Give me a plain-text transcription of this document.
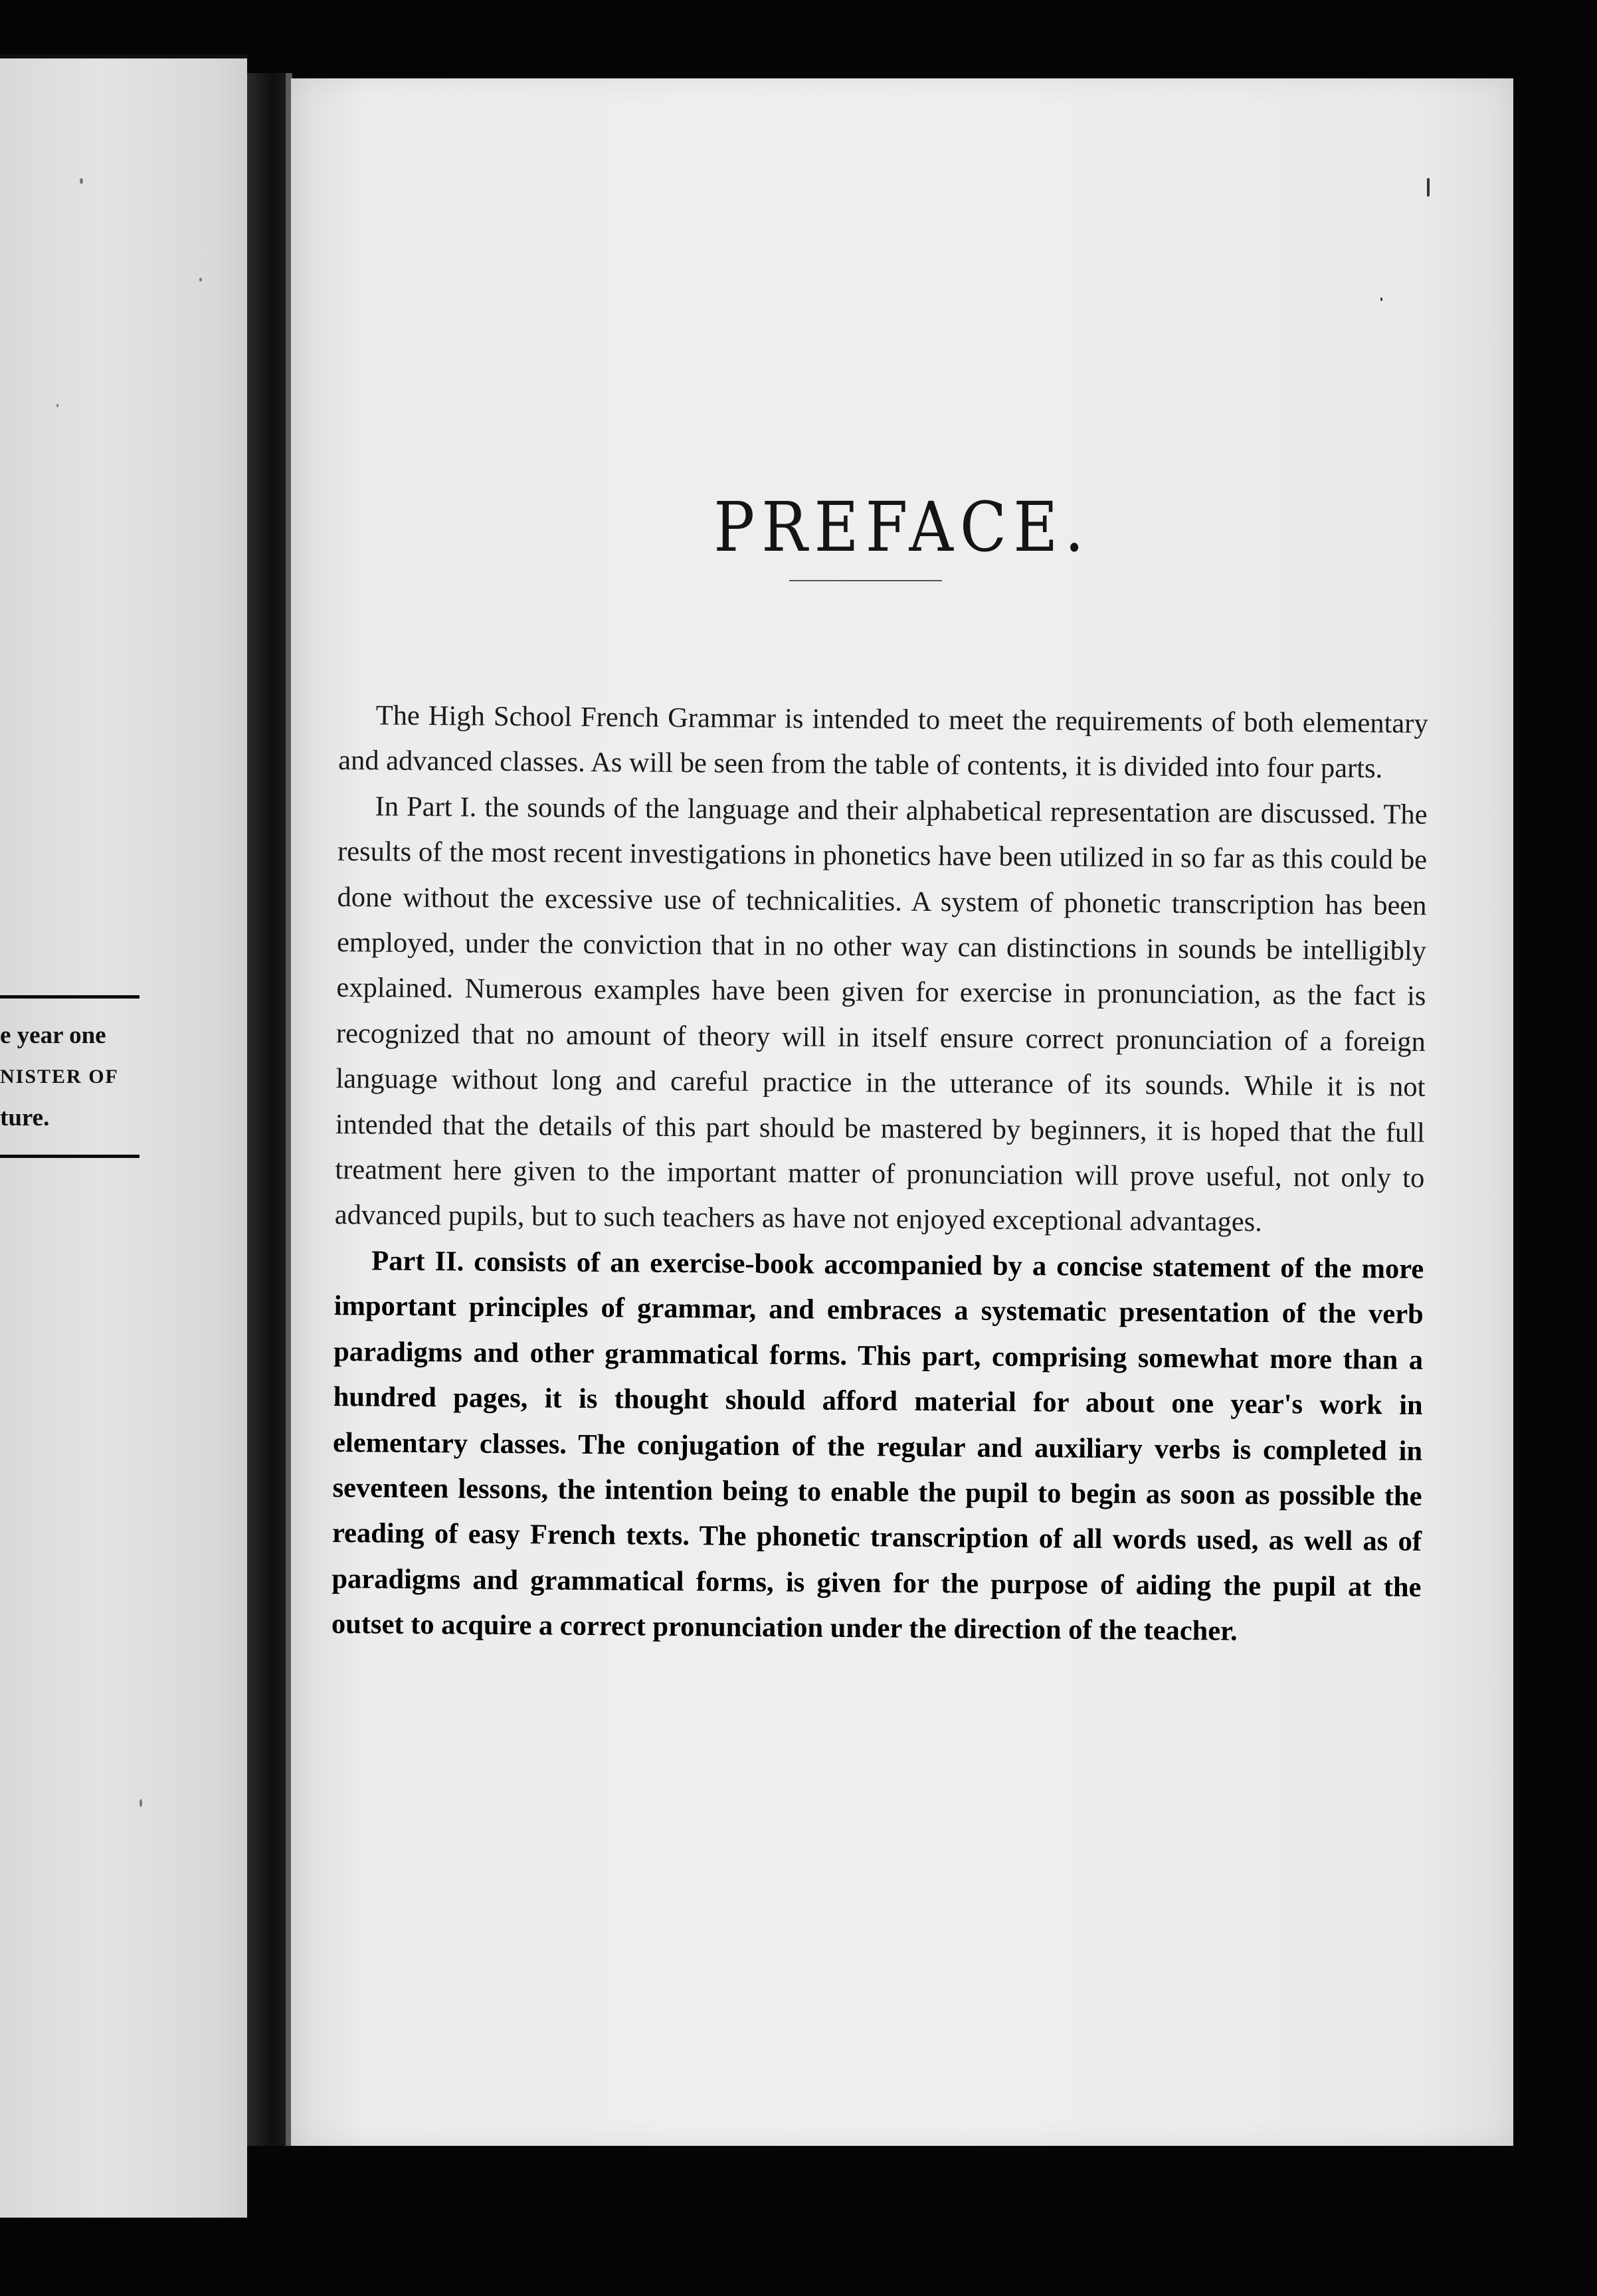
e year one
NISTER OF
ture.
PREFACE.

The High School French Grammar is intended to meet the requirements of both elementary and advanced classes. As will be seen from the table of contents, it is divided into four parts.

In Part I. the sounds of the language and their alphabetical representation are discussed. The results of the most recent investigations in phonetics have been utilized in so far as this could be done without the excessive use of technicalities. A system of phonetic transcription has been employed, under the conviction that in no other way can distinctions in sounds be intelligibly explained. Numerous examples have been given for exercise in pronunciation, as the fact is recognized that no amount of theory will in itself ensure correct pronunciation of a foreign language without long and careful practice in the utterance of its sounds. While it is not intended that the details of this part should be mastered by beginners, it is hoped that the full treatment here given to the important matter of pronunciation will prove useful, not only to advanced pupils, but to such teachers as have not enjoyed exceptional advantages.

Part II. consists of an exercise-book accompanied by a concise statement of the more important principles of grammar, and embraces a systematic presentation of the verb paradigms and other grammatical forms. This part, comprising somewhat more than a hundred pages, it is thought should afford material for about one year's work in elementary classes. The conjugation of the regular and auxiliary verbs is completed in seventeen lessons, the intention being to enable the pupil to begin as soon as possible the reading of easy French texts. The phonetic transcription of all words used, as well as of paradigms and grammatical forms, is given for the purpose of aiding the pupil at the outset to acquire a correct pronunciation under the direction of the teacher.
